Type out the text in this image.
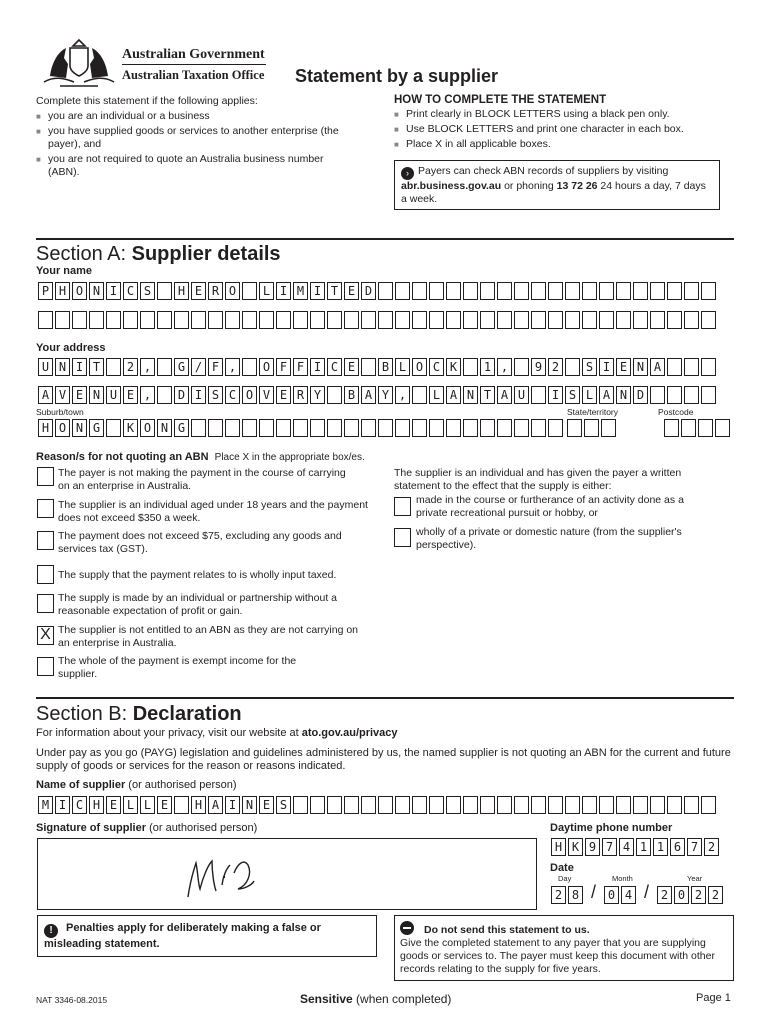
Australian Government
Australian Taxation Office Statement by a supplier
Complete this statement if the following applies:
■ you are an individual or a business
■ you have supplied goods or services to another enterprise (the payer), and
■ you are not required to quote an Australia business number (ABN).
HOW TO COMPLETE THE STATEMENT
■ Print clearly in BLOCK LETTERS using a black pen only.
■ Use BLOCK LETTERS and print one character in each box.
■ Place X in all applicable boxes.
› Payers can check ABN records of suppliers by visiting abr.business.gov.au or phoning 13 72 26 24 hours a day, 7 days a week.
Section A: Supplier details
Your name
P H O N I C S	H E R O	L I M I T E D
Your address
U N I T	2 ,	G / F ,	O F F I C E	B L O C K	1 ,	9 2	S I E N A
A V E N U E ,	D I S C O V E R Y	B A Y ,	L A N T A U	I S L A N D
Suburb/town	State/territory	Postcode
H O N G	K O N G
Reason/s for not quoting an ABN Place X in the appropriate box/es.
The payer is not making the payment in the course of carrying on an enterprise in Australia.
The supplier is an individual aged under 18 years and the payment does not exceed $350 a week.
The payment does not exceed $75, excluding any goods and services tax (GST).
The supply that the payment relates to is wholly input taxed.
The supply is made by an individual or partnership without a reasonable expectation of profit or gain.
X The supplier is not entitled to an ABN as they are not carrying on an enterprise in Australia.
The whole of the payment is exempt income for the supplier.
The supplier is an individual and has given the payer a written statement to the effect that the supply is either:
made in the course or furtherance of an activity done as a private recreational pursuit or hobby, or
wholly of a private or domestic nature (from the supplier's perspective).
Section B: Declaration
For information about your privacy, visit our website at ato.gov.au/privacy
Under pay as you go (PAYG) legislation and guidelines administered by us, the named supplier is not quoting an ABN for the current and future supply of goods or services for the reason or reasons indicated.
Name of supplier (or authorised person)
M I C H E L L E	H A I N E S
Signature of supplier (or authorised person)	Daytime phone number
H K 9 7 4 1 1 6 7 2
Date
Day	Month	Year
2 8 / 0 4 / 2 0 2 2
! Penalties apply for deliberately making a false or misleading statement.
Do not send this statement to us.
Give the completed statement to any payer that you are supplying goods or services to. The payer must keep this document with other records relating to the supply for five years.
NAT 3346-08.2015	Sensitive (when completed)	Page 1
